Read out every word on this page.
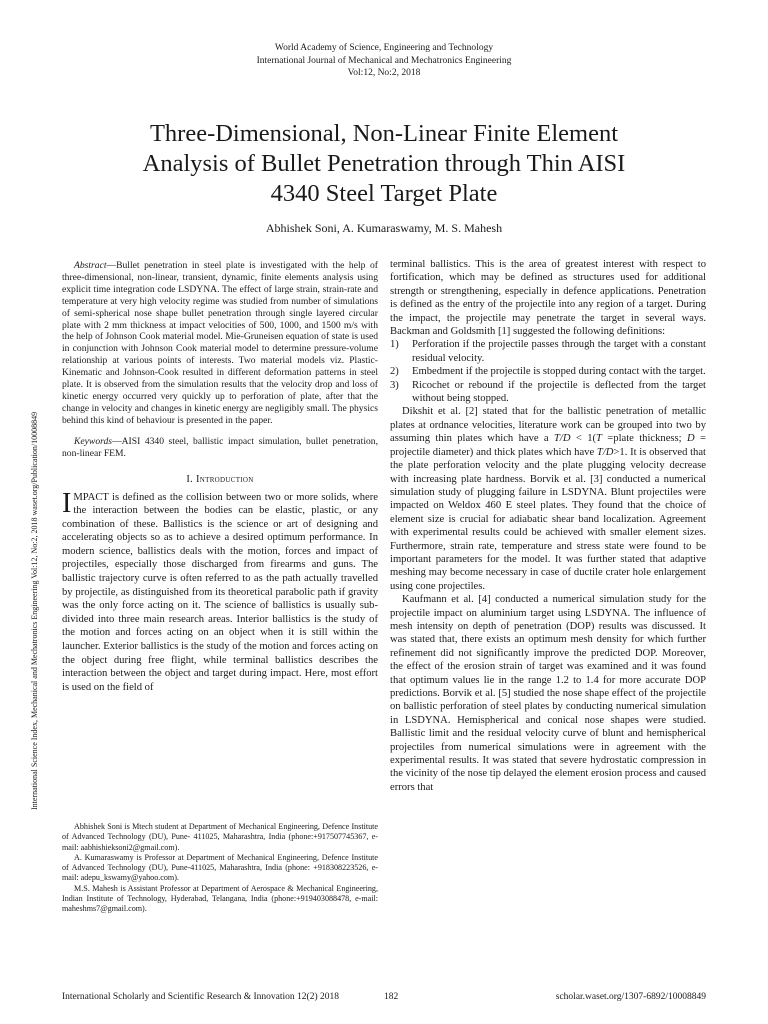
World Academy of Science, Engineering and Technology
International Journal of Mechanical and Mechatronics Engineering
Vol:12, No:2, 2018
Three-Dimensional, Non-Linear Finite Element
Analysis of Bullet Penetration through Thin AISI
4340 Steel Target Plate
Abhishek Soni, A. Kumaraswamy, M. S. Mahesh
International Science Index, Mechanical and Mechatronics Engineering Vol:12, No:2, 2018 waset.org/Publication/10008849

Abstract—Bullet penetration in steel plate is investigated with the help of three-dimensional, non-linear, transient, dynamic, finite elements analysis using explicit time integration code LSDYNA. The effect of large strain, strain-rate and temperature at very high velocity regime was studied from number of simulations of semi-spherical nose shape bullet penetration through single layered circular plate with 2 mm thickness at impact velocities of 500, 1000, and 1500 m/s with the help of Johnson Cook material model. Mie-Gruneisen equation of state is used in conjunction with Johnson Cook material model to determine pressure-volume relationship at various points of interests. Two material models viz. Plastic-Kinematic and Johnson-Cook resulted in different deformation patterns in steel plate. It is observed from the simulation results that the velocity drop and loss of kinetic energy occurred very quickly up to perforation of plate, after that the change in velocity and changes in kinetic energy are negligibly small. The physics behind this kind of behaviour is presented in the paper.

Keywords—AISI 4340 steel, ballistic impact simulation, bullet penetration, non-linear FEM.

I. Introduction

IMPACT is defined as the collision between two or more solids, where the interaction between the bodies can be elastic, plastic, or any combination of these. Ballistics is the science or art of designing and accelerating objects so as to achieve a desired optimum performance. In modern science, ballistics deals with the motion, forces and impact of projectiles, especially those discharged from firearms and guns. The ballistic trajectory curve is often referred to as the path actually travelled by projectile, as distinguished from its theoretical parabolic path if gravity was the only force acting on it. The science of ballistics is usually sub-divided into three main research areas. Interior ballistics is the study of the motion and forces acting on an object when it is still within the launcher. Exterior ballistics is the study of the motion and forces acting on the object during free flight, while terminal ballistics describes the interaction between the object and target during impact. Here, most effort is used on the field of

Abhishek Soni is Mtech student at Department of Mechanical Engineering, Defence Institute of Advanced Technology (DU), Pune- 411025, Maharashtra, India (phone:+917507745367, e-mail: aabhishieksoni2@gmail.com).

A. Kumaraswamy is Professor at Department of Mechanical Engineering, Defence Institute of Advanced Technology (DU), Pune-411025, Maharashtra, India (phone: +918308223526, e-mail: adepu_kswamy@yahoo.com).

M.S. Mahesh is Assistant Professor at Department of Aerospace & Mechanical Engineering, Indian Institute of Technology, Hyderabad, Telangana, India (phone:+919403088478, e-mail: maheshms7@gmail.com).

terminal ballistics. This is the area of greatest interest with respect to fortification, which may be defined as structures used for additional strength or strengthening, especially in defence applications. Penetration is defined as the entry of the projectile into any region of a target. During the impact, the projectile may penetrate the target in several ways. Backman and Goldsmith [1] suggested the following definitions:

1) Perforation if the projectile passes through the target with a constant residual velocity.
2) Embedment if the projectile is stopped during contact with the target.
3) Ricochet or rebound if the projectile is deflected from the target without being stopped.

Dikshit et al. [2] stated that for the ballistic penetration of metallic plates at ordnance velocities, literature work can be grouped into two by assuming thin plates which have a T/D < 1(T =plate thickness; D = projectile diameter) and thick plates which have T/D>1. It is observed that the plate perforation velocity and the plate plugging velocity decrease with increasing plate hardness. Borvik et al. [3] conducted a numerical simulation study of plugging failure in LSDYNA. Blunt projectiles were impacted on Weldox 460 E steel plates. They found that the choice of element size is crucial for adiabatic shear band localization. Agreement with experimental results could be achieved with smaller element sizes. Furthermore, strain rate, temperature and stress state were found to be important parameters for the model. It was further stated that adaptive meshing may become necessary in case of ductile crater hole enlargement using cone projectiles.

Kaufmann et al. [4] conducted a numerical simulation study for the projectile impact on aluminium target using LSDYNA. The influence of mesh intensity on depth of penetration (DOP) results was discussed. It was stated that, there exists an optimum mesh density for which further refinement did not significantly improve the predicted DOP. Moreover, the effect of the erosion strain of target was examined and it was found that optimum values lie in the range 1.2 to 1.4 for more accurate DOP predictions. Borvik et al. [5] studied the nose shape effect of the projectile on ballistic perforation of steel plates by conducting numerical simulation in LSDYNA. Hemispherical and conical nose shapes were studied. Ballistic limit and the residual velocity curve of blunt and hemispherical projectiles from numerical simulations were in agreement with the experimental results. It was stated that severe hydrostatic compression in the vicinity of the nose tip delayed the element erosion process and caused errors that

International Scholarly and Scientific Research & Innovation 12(2) 2018	182	scholar.waset.org/1307-6892/10008849
